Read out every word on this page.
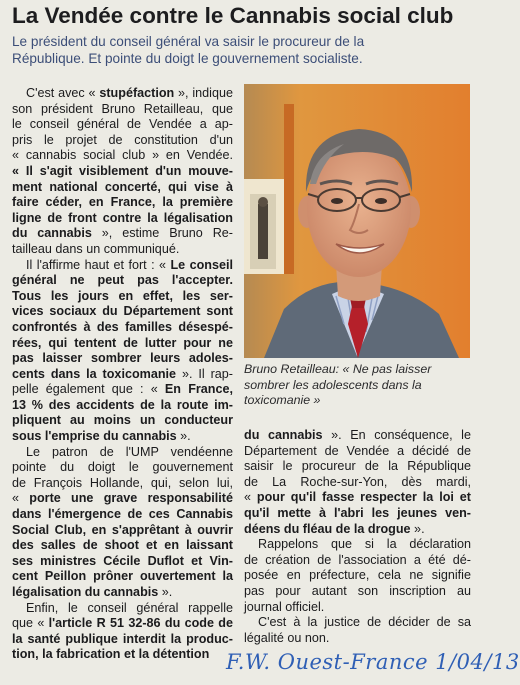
La Vendée contre le Cannabis social club
Le président du conseil général va saisir le procureur de la
République. Et pointe du doigt le gouvernement socialiste.
C'est avec « stupéfaction », indique
son président Bruno Retailleau, que
le conseil général de Vendée a ap-
pris le projet de constitution d'un
« cannabis social club » en Vendée.
« Il s'agit visiblement d'un mouve-
ment national concerté, qui vise à
faire céder, en France, la première
ligne de front contre la légalisation
du cannabis », estime Bruno Re-
tailleau dans un communiqué.
Il l'affirme haut et fort : « Le conseil
général ne peut pas l'accepter.
Tous les jours en effet, les ser-
vices sociaux du Département sont
confrontés à des familles désespé-
rées, qui tentent de lutter pour ne
pas laisser sombrer leurs adoles-
cents dans la toxicomanie ». Il rap-
pelle également que : « En France,
13 % des accidents de la route im-
pliquent au moins un conducteur
sous l'emprise du cannabis ».
Le patron de l'UMP vendéenne
pointe du doigt le gouvernement
de François Hollande, qui, selon lui,
« porte une grave responsabilité
dans l'émergence de ces Cannabis
Social Club, en s'apprêtant à ouvrir
des salles de shoot et en laissant
ses ministres Cécile Duflot et Vin-
cent Peillon prôner ouvertement la
légalisation du cannabis ».
Enfin, le conseil général rappelle
que « l'article R 51 32-86 du code de
la santé publique interdit la produc-
tion, la fabrication et la détention
Bruno Retailleau: « Ne pas laisser
sombrer les adolescents dans la
toxicomanie »
du cannabis ». En conséquence, le
Département de Vendée a décidé de
saisir le procureur de la République
de La Roche-sur-Yon, dès mardi,
« pour qu'il fasse respecter la loi et
qu'il mette à l'abri les jeunes ven-
déens du fléau de la drogue ».
Rappelons que si la déclaration
de création de l'association a été dé-
posée en préfecture, cela ne signifie
pas pour autant son inscription au
journal officiel.
C'est à la justice de décider de sa
légalité ou non.
F.W. Ouest-France 1/04/13
